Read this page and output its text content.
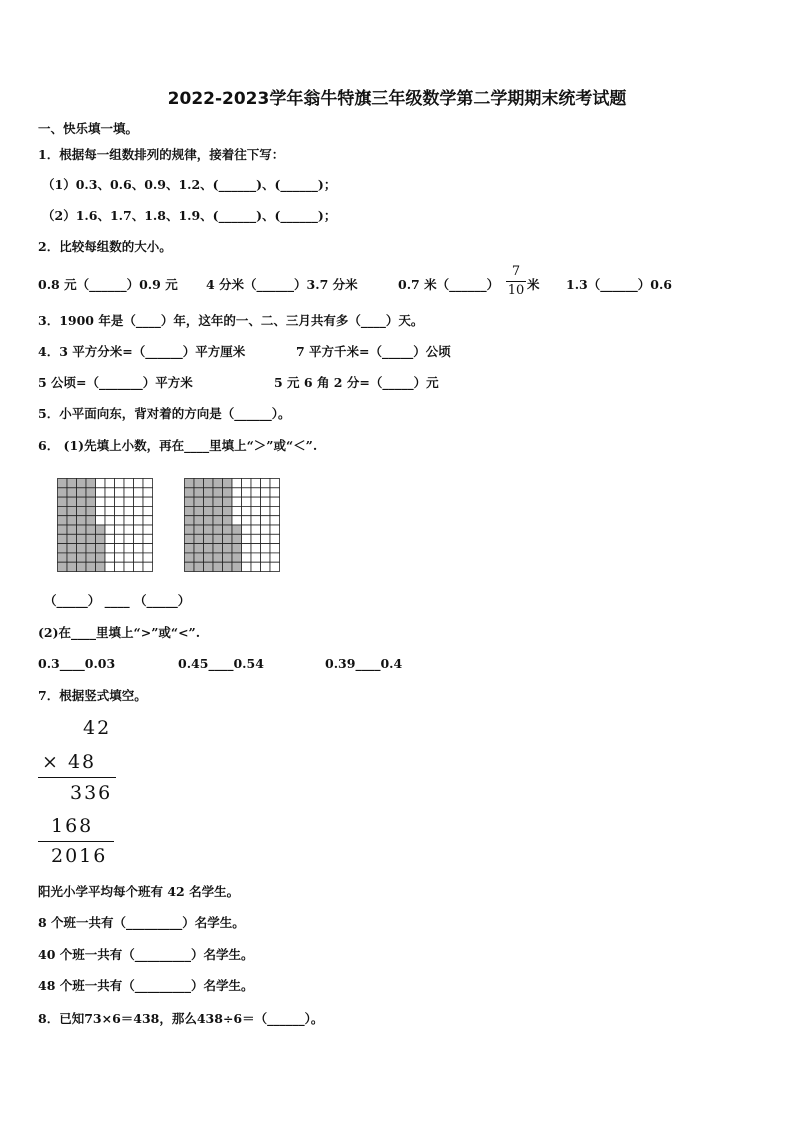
2022-2023学年翁牛特旗三年级数学第二学期期末统考试题
一、快乐填一填。
1．根据每一组数排列的规律，接着往下写：
（1）0.3、0.6、0.9、1.2、(______)、(______)；
（2）1.6、1.7、1.8、1.9、(______)、(______)；
2．比较每组数的大小。
0.8 元（______）0.9 元 4 分米（______）3.7 分米	0.7 米（______）
7
10 米 1.3（______）0.6
3．1900 年是（____）年，这年的一、二、三月共有多（____）天。
4．3 平方分米=（______）平方厘米	7 平方千米=（_____）公顷
5 公顷=（_______）平方米	5 元 6 角 2 分=（_____）元
5．小平面向东，背对着的方向是（______）。
6． (1)先填上小数，再在____里填上“＞”或“＜”.
（_____） ____ （_____）
(2)在____里填上“>”或“<”.
0.3____0.03	0.45____0.54	0.39____0.4
7．根据竖式填空。
42
× 48
336
168
2016
阳光小学平均每个班有 42 名学生。
8 个班一共有（_________）名学生。
40 个班一共有（_________）名学生。
48 个班一共有（_________）名学生。
8．已知73×6＝438，那么438÷6＝（______）。
